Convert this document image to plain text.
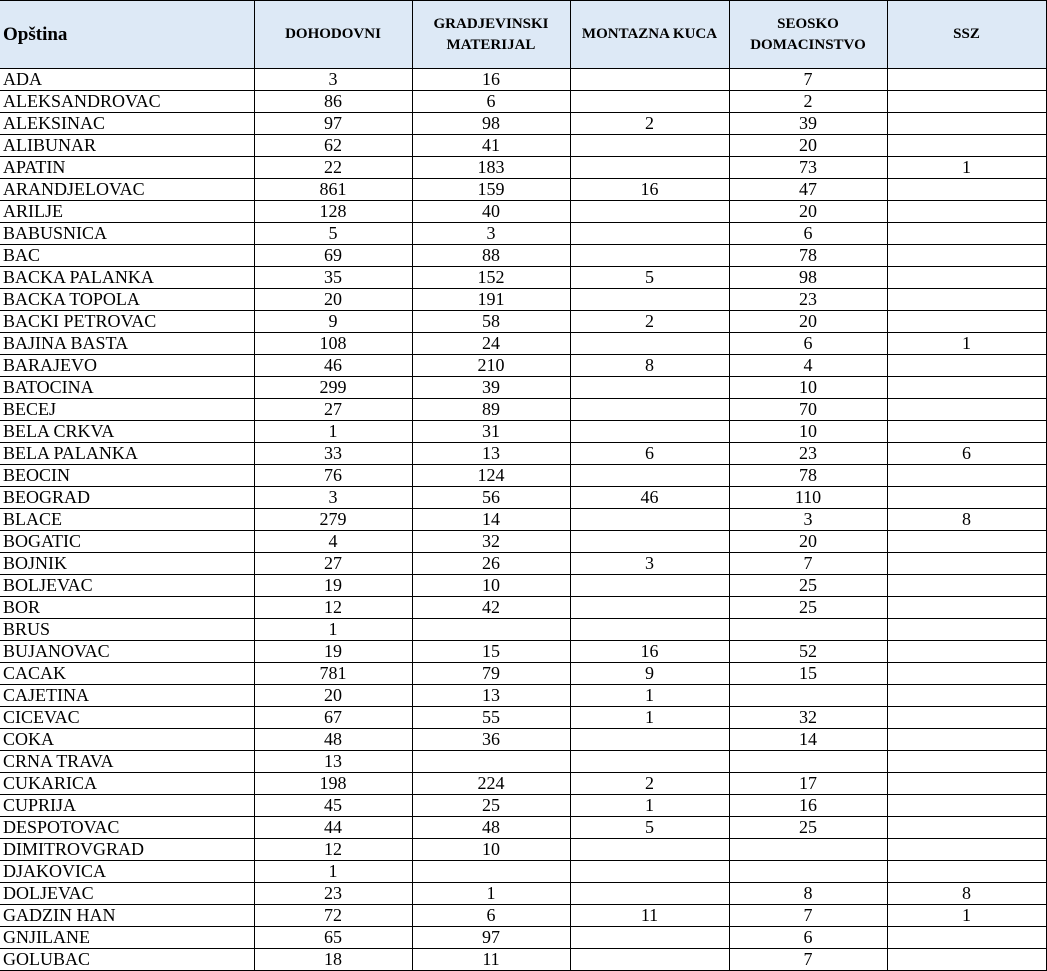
Opština	DOHODOVNI	GRADJEVINSKI MATERIJAL	MONTAZNA KUCA	SEOSKO DOMACINSTVO	SSZ
ADA	3	16		7	
ALEKSANDROVAC	86	6		2	
ALEKSINAC	97	98	2	39	
ALIBUNAR	62	41		20	
APATIN	22	183		73	1
ARANDJELOVAC	861	159	16	47	
ARILJE	128	40		20	
BABUSNICA	5	3		6	
BAC	69	88		78	
BACKA PALANKA	35	152	5	98	
BACKA TOPOLA	20	191		23	
BACKI PETROVAC	9	58	2	20	
BAJINA BASTA	108	24		6	1
BARAJEVO	46	210	8	4	
BATOCINA	299	39		10	
BECEJ	27	89		70	
BELA CRKVA	1	31		10	
BELA PALANKA	33	13	6	23	6
BEOCIN	76	124		78	
BEOGRAD	3	56	46	110	
BLACE	279	14		3	8
BOGATIC	4	32		20	
BOJNIK	27	26	3	7	
BOLJEVAC	19	10		25	
BOR	12	42		25	
BRUS	1				
BUJANOVAC	19	15	16	52	
CACAK	781	79	9	15	
CAJETINA	20	13	1		
CICEVAC	67	55	1	32	
COKA	48	36		14	
CRNA TRAVA	13				
CUKARICA	198	224	2	17	
CUPRIJA	45	25	1	16	
DESPOTOVAC	44	48	5	25	
DIMITROVGRAD	12	10			
DJAKOVICA	1				
DOLJEVAC	23	1		8	8
GADZIN HAN	72	6	11	7	1
GNJILANE	65	97		6	
GOLUBAC	18	11		7	
